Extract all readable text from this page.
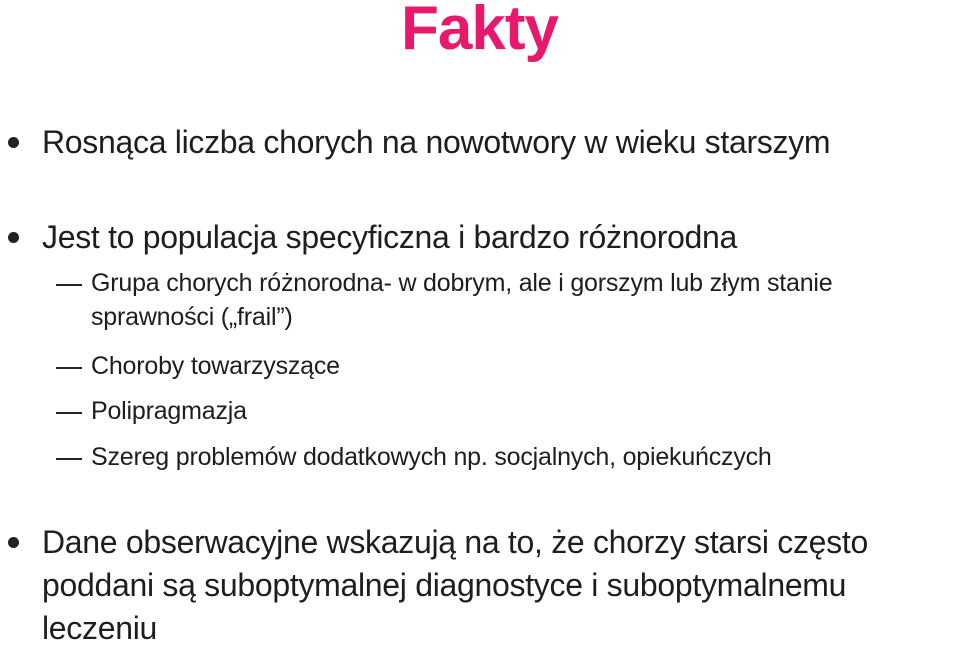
Fakty
Rosnąca liczba chorych na nowotwory w wieku starszym
Jest to populacja specyficzna i bardzo różnorodna
Grupa chorych różnorodna- w dobrym, ale i gorszym lub złym stanie sprawności („frail”)
Choroby towarzyszące
Polipragmazja
Szereg problemów dodatkowych np. socjalnych, opiekuńczych
Dane obserwacyjne wskazują na to, że chorzy starsi często poddani są suboptymalnej diagnostyce i suboptymalnemu leczeniu
